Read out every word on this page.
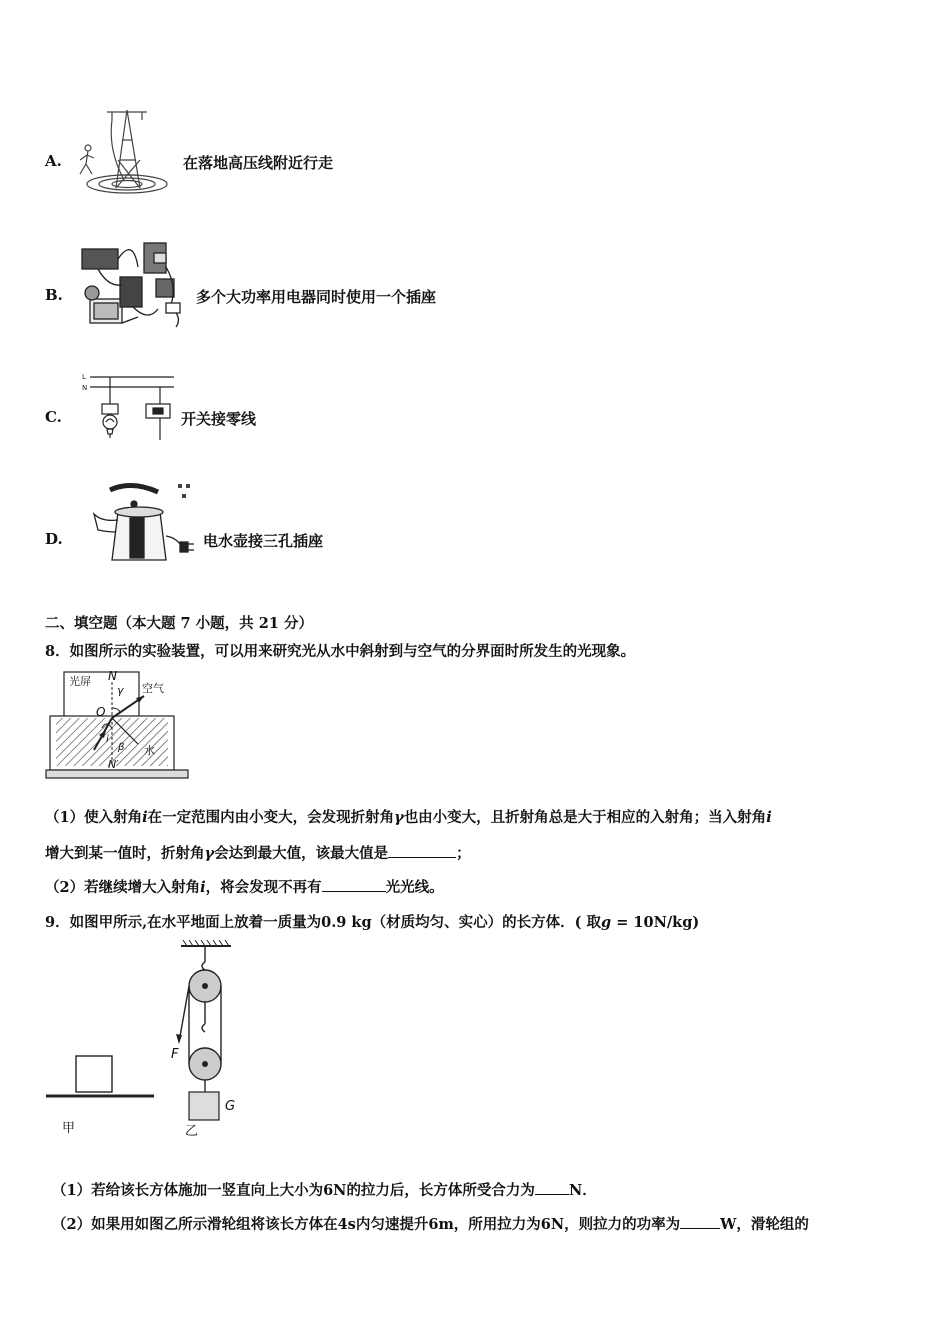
A.	在落地高压线附近行走
B.	多个大功率用电器同时使用一个插座
C.
L
N
开关接零线
D.	电水壶接三孔插座
二、填空题（本大题 7 小题，共 21 分）
8．如图所示的实验装置，可以用来研究光从水中斜射到与空气的分界面时所发生的光现象。
光屏 N
γ 空气
O
i
β 水
N′
（1）使入射角i在一定范围内由小变大，会发现折射角γ也由小变大，且折射角总是大于相应的入射角；当入射角i
增大到某一值时，折射角γ会达到最大值，该最大值是	；
（2）若继续增大入射角i，将会发现不再有	光光线。
9．如图甲所示,在水平地面上放着一质量为0.9 kg（材质均匀、实心）的长方体．( 取g = 10N/kg)
甲
F
G
乙
（1）若给该长方体施加一竖直向上大小为6N的拉力后，长方体所受合力为 N．
（2）如果用如图乙所示滑轮组将该长方体在4s内匀速提升6m，所用拉力为6N，则拉力的功率为	W，滑轮组的
